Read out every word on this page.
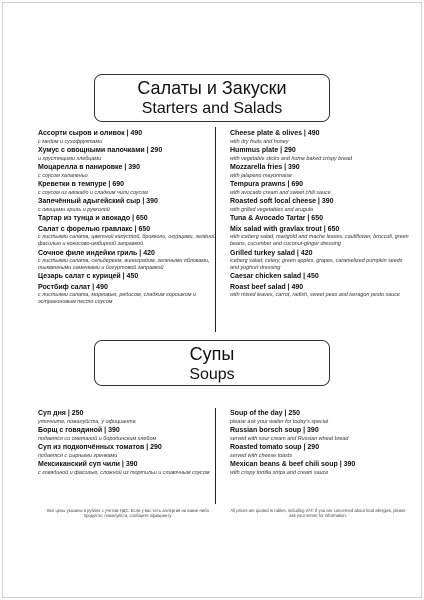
Салаты и Закуски
Starters and Salads
Ассорти сыров и оливок | 490
с медом и сухофруктами
Хумус с овощными палочками | 290
и хрустящими хлебцами
Моцарелла в панировке | 390
с соусом халапеньо
Креветки в темпуре | 690
с соусом из авокадо и сладким чили соусом
Запечённый адыгейский сыр | 390
с овощами гриль и рукколой
Тартар из тунца и авокадо | 650
Салат с форелью гравлакс | 650
с листьями салата, цветной капустой, брокколи, огурцами, зелёной фасолью и кокосово-имбирной заправкой
Сочное филе индейки гриль | 420
с листьями салата, сельдереем, виноградом, зелеными яблоками, тыквенными семечками и йогуртовой заправкой
Цезарь салат с курицей | 450
Ростбиф салат | 490
с листьями салата, морковью, редисом, сладким горошком и эстрагоновым песто соусом
Cheese plate & olives | 490
with dry fruits and honey
Hummus plate | 290
with vegetable sticks and home baked crispy bread
Mozzarella fries | 390
with jalapeno mayonnaise
Tempura prawns | 690
with avocado cream and sweet chili sauce
Roasted soft local cheese | 390
with grilled vegetables and arugula
Tuna & Avocado Tartar | 650
Mix salad with gravlax trout | 650
with iceberg salad, marigold and mache leaves, cauliflower, broccoli, green beans, cucumber and coconut-ginger dressing
Grilled turkey salad | 420
iceberg salad, celery, green apples, grapes, caramelized pumpkin seeds and yoghurt dressing
Caesar chicken salad | 450
Roast beef salad | 490
with mixed leaves, carrot, radish, sweet peas and tarragon pesto sauce
Супы
Soups
Суп дня | 250
уточните, пожалуйста, у официанта
Борщ с говядиной | 390
подается со сметаной и бородинским хлебом
Суп из подкопчённых томатов | 290
подается с сырными гренками
Мексиканский суп чили | 390
с говядиной и фасолью, сложной из тортильи и сливочным соусом
Soup of the day | 250
please ask your waiter for today's special
Russian borsch soup | 390
served with sour cream and Russian wheat bread
Roasted tomato soup | 290
served with cheese toasts
Mexican beans & beef chili soup | 390
with crispy tortilla strips and cream sauce
Все цены указаны в рублях с учетом НДС. Если у вас есть аллергия на какие-либо продукты, пожалуйста, сообщите официанту.
All prices are quoted in rubles, including VAT. If you are concerned about food allergies, please ask your server for information.
